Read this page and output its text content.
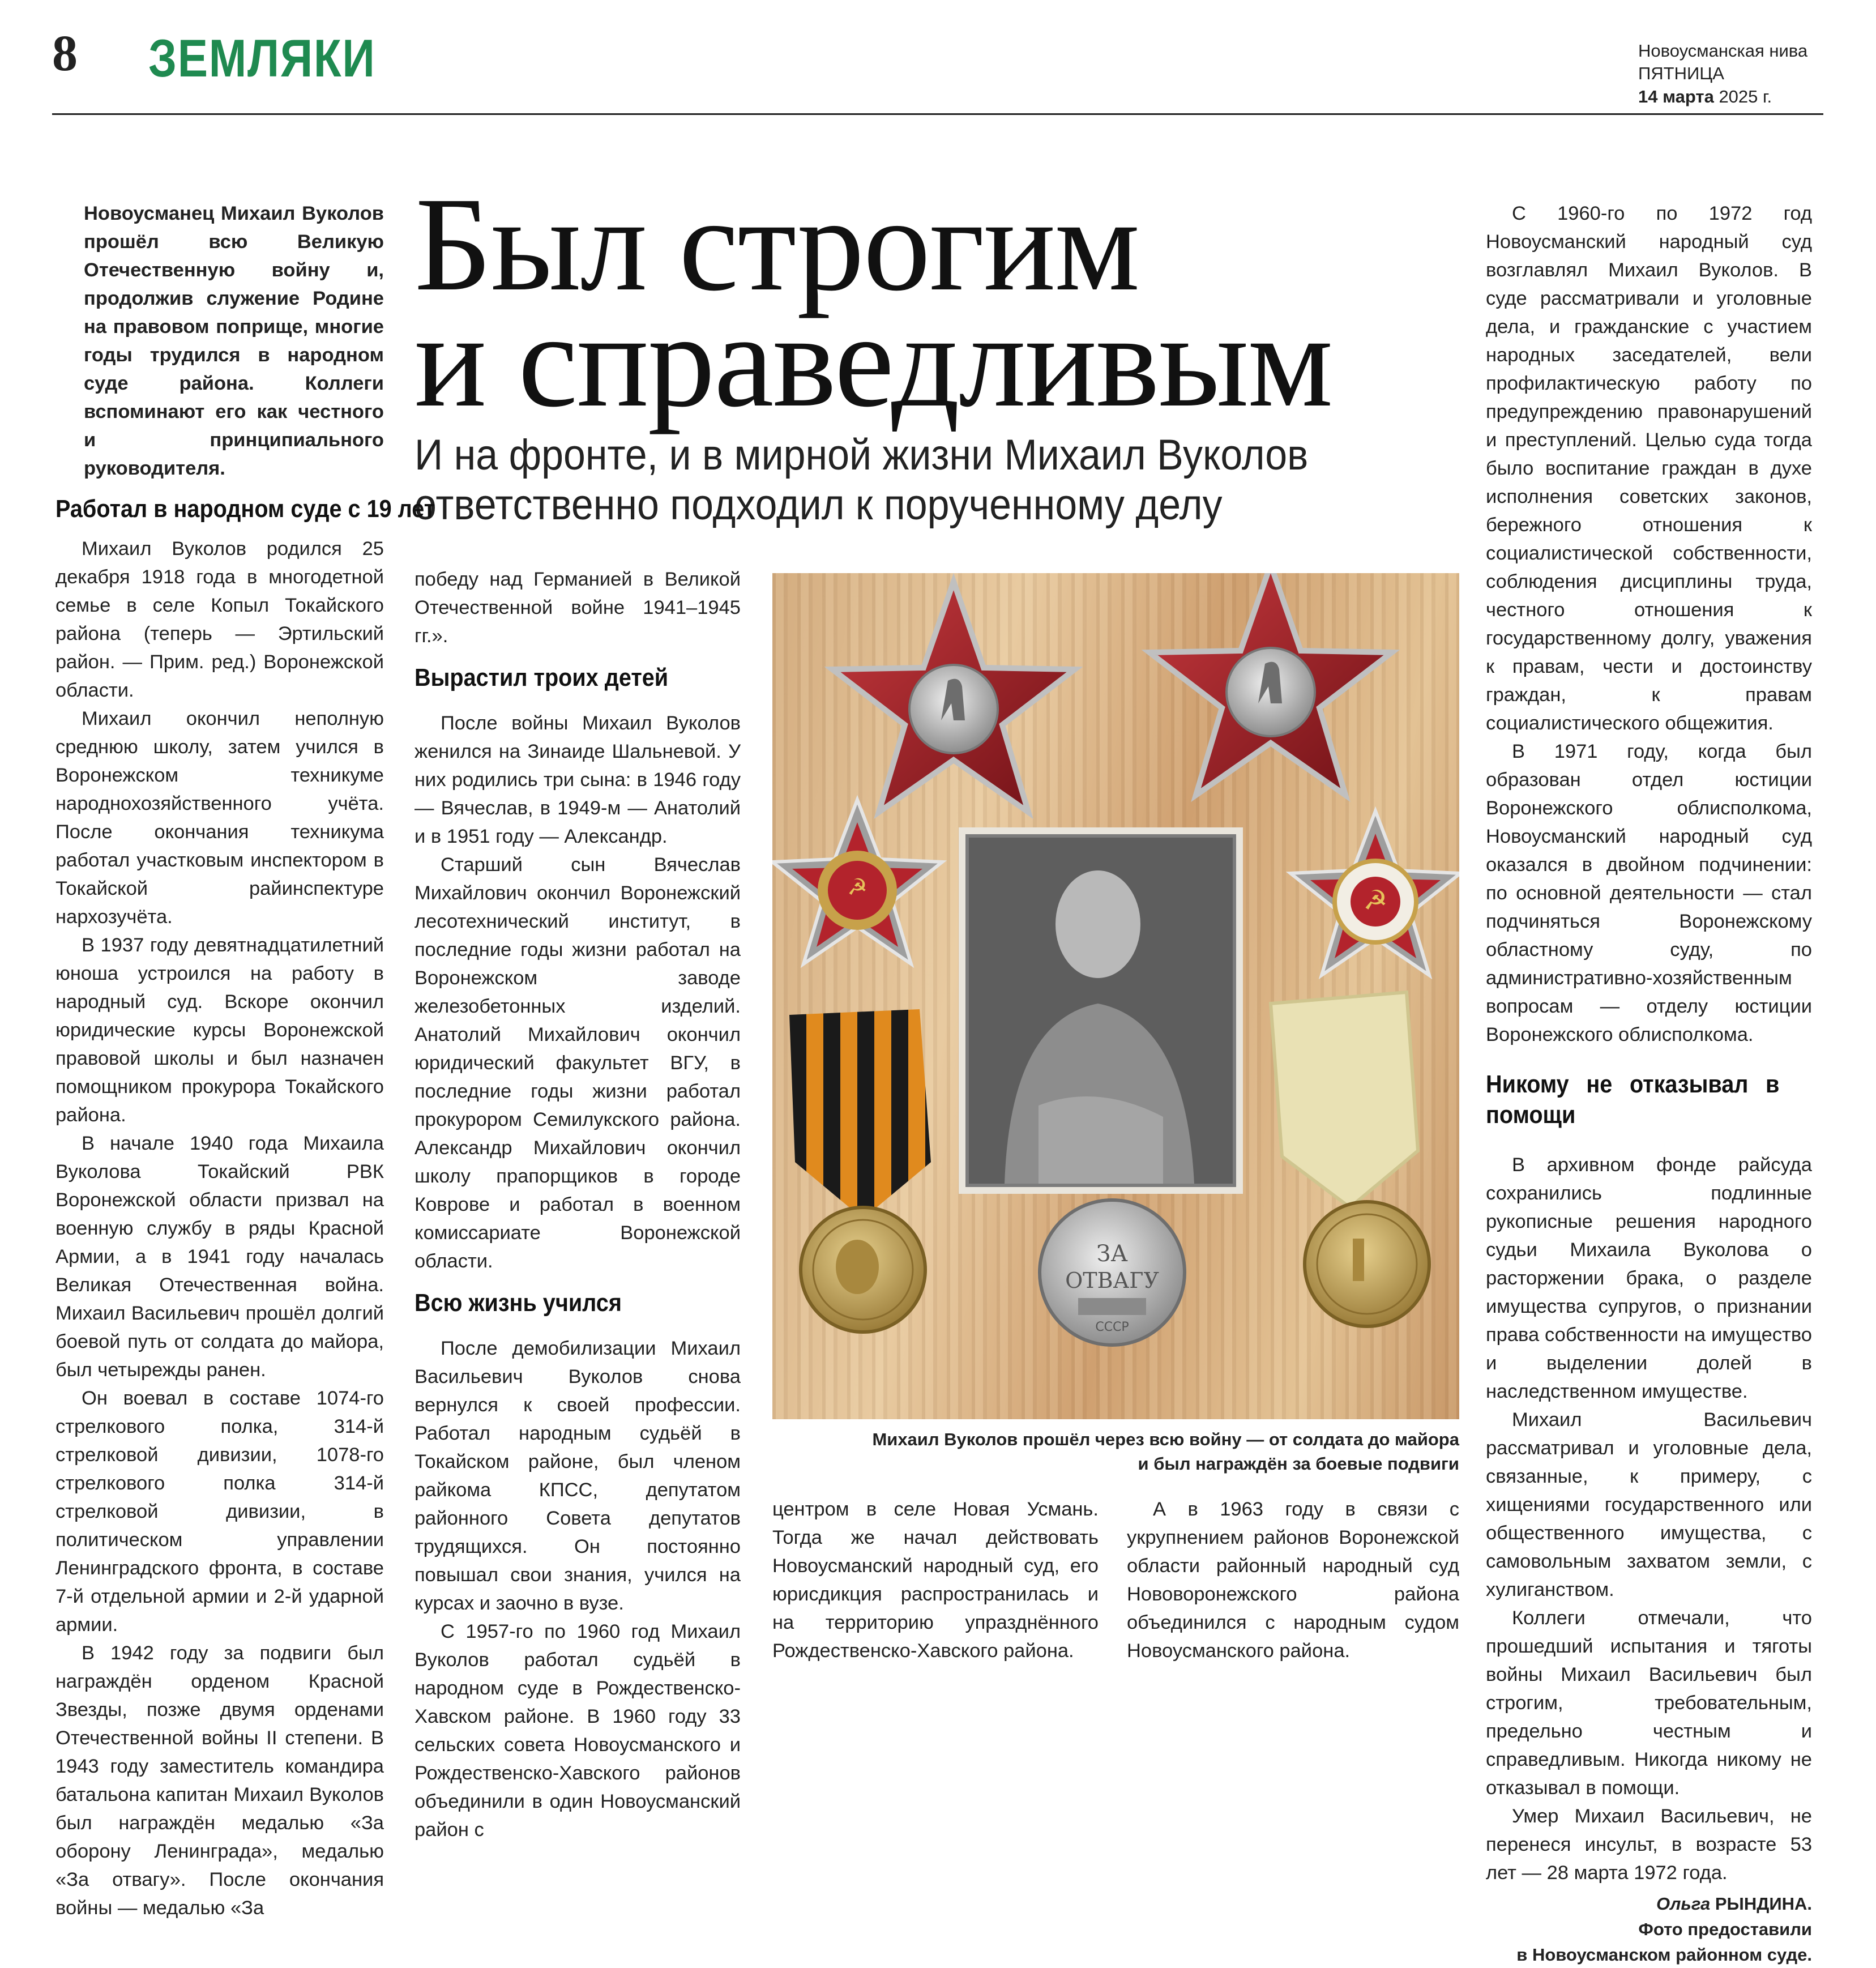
8 ЗЕМЛЯКИ	Новоусманская нива
ПЯТНИЦА
14 марта 2025 г.
Был строгим
и справедливым
И на фронте, и в мирной жизни Михаил Вуколов
ответственно подходил к порученному делу
Новоусманец Михаил Вуколов прошёл всю Великую Отечественную войну и, продолжив служение Родине на правовом поприще, многие годы трудился в народном суде района. Коллеги вспоминают его как честного и принципиального руководителя.
Работал в народном суде с 19 лет

Михаил Вуколов родился 25 декабря 1918 года в многодетной семье в селе Копыл Токайского района (теперь — Эртильский район. — Прим. ред.) Воронежской области.

Михаил окончил неполную среднюю школу, затем учился в Воронежском техникуме народнохозяйственного учёта. После окончания техникума работал участковым инспектором в Токайской райинспектуре нархозучёта.

В 1937 году девятнадцатилетний юноша устроился на работу в народный суд. Вскоре окончил юридические курсы Воронежской правовой школы и был назначен помощником прокурора Токайского района.

В начале 1940 года Михаила Вуколова Токайский РВК Воронежской области призвал на военную службу в ряды Красной Армии, а в 1941 году началась Великая Отечественная война. Михаил Васильевич прошёл долгий боевой путь от солдата до майора, был четырежды ранен.

Он воевал в составе 1074-го стрелкового полка, 314-й стрелковой дивизии, 1078-го стрелкового полка 314-й стрелковой дивизии, в политическом управлении Ленинградского фронта, в составе 7-й отдельной армии и 2-й ударной армии.

В 1942 году за подвиги был награждён орденом Красной Звезды, позже двумя орденами Отечественной войны II степени. В 1943 году заместитель командира батальона капитан Михаил Вуколов был награждён медалью «За оборону Ленинграда», медалью «За отвагу». После окончания войны — медалью «За

победу над Германией в Великой Отечественной войне 1941–1945 гг.».

Вырастил троих детей

После войны Михаил Вуколов женился на Зинаиде Шальневой. У них родились три сына: в 1946 году — Вячеслав, в 1949-м — Анатолий и в 1951 году — Александр.

Старший сын Вячеслав Михайлович окончил Воронежский лесотехнический институт, в последние годы жизни работал на Воронежском заводе железобетонных изделий. Анатолий Михайлович окончил юридический факультет ВГУ, в последние годы жизни работал прокурором Семилукского района. Александр Михайлович окончил школу прапорщиков в городе Коврове и работал в военном комиссариате Воронежской области.

Всю жизнь учился

После демобилизации Михаил Васильевич Вуколов снова вернулся к своей профессии. Работал народным судьёй в Токайском районе, был членом райкома КПСС, депутатом районного Совета депутатов трудящихся. Он постоянно повышал свои знания, учился на курсах и заочно в вузе.

С 1957-го по 1960 год Михаил Вуколов работал судьёй в народном суде в Рождественско-Хавском районе. В 1960 году 33 сельских совета Новоусманского и Рождественско-Хавского районов объединили в один Новоусманский район с

☭	☭
ЗА
ОТВАГУ
СССР
Михаил Вуколов прошёл через всю войну — от солдата до майора
и был награждён за боевые подвиги

центром в селе Новая Усмань. Тогда же начал действовать Новоусманский народный суд, его юрисдикция распространилась и на территорию упразднённого Рождественско-Хавского района.

А в 1963 году в связи с укрупнением районов Воронежской области районный народный суд Нововоронежского района объединился с народным судом Новоусманского района.

С 1960-го по 1972 год Новоусманский народный суд возглавлял Михаил Вуколов. В суде рассматривали и уголовные дела, и гражданские с участием народных заседателей, вели профилактическую работу по предупреждению правонарушений и преступлений. Целью суда тогда было воспитание граждан в духе исполнения советских законов, бережного отношения к социалистической собственности, соблюдения дисциплины труда, честного отношения к государственному долгу, уважения к правам, чести и достоинству граждан, к правам социалистического общежития.

В 1971 году, когда был образован отдел юстиции Воронежского облисполкома, Новоусманский народный суд оказался в двойном подчинении: по основной деятельности — стал подчиняться Воронежскому областному суду, по административно-хозяйственным вопросам — отделу юстиции Воронежского облисполкома.

Никому не отказывал в помощи

В архивном фонде райсуда сохранились подлинные рукописные решения народного судьи Михаила Вуколова о расторжении брака, о разделе имущества супругов, о признании права собственности на имущество и выделении долей в наследственном имуществе.

Михаил Васильевич рассматривал и уголовные дела, связанные, к примеру, с хищениями государственного или общественного имущества, с самовольным захватом земли, с хулиганством.

Коллеги отмечали, что прошедший испытания и тяготы войны Михаил Васильевич был строгим, требовательным, предельно честным и справедливым. Никогда никому не отказывал в помощи.

Умер Михаил Васильевич, не перенеся инсульт, в возрасте 53 лет — 28 марта 1972 года.

Ольга РЫНДИНА.
Фото предоставили
в Новоусманском районном суде.
